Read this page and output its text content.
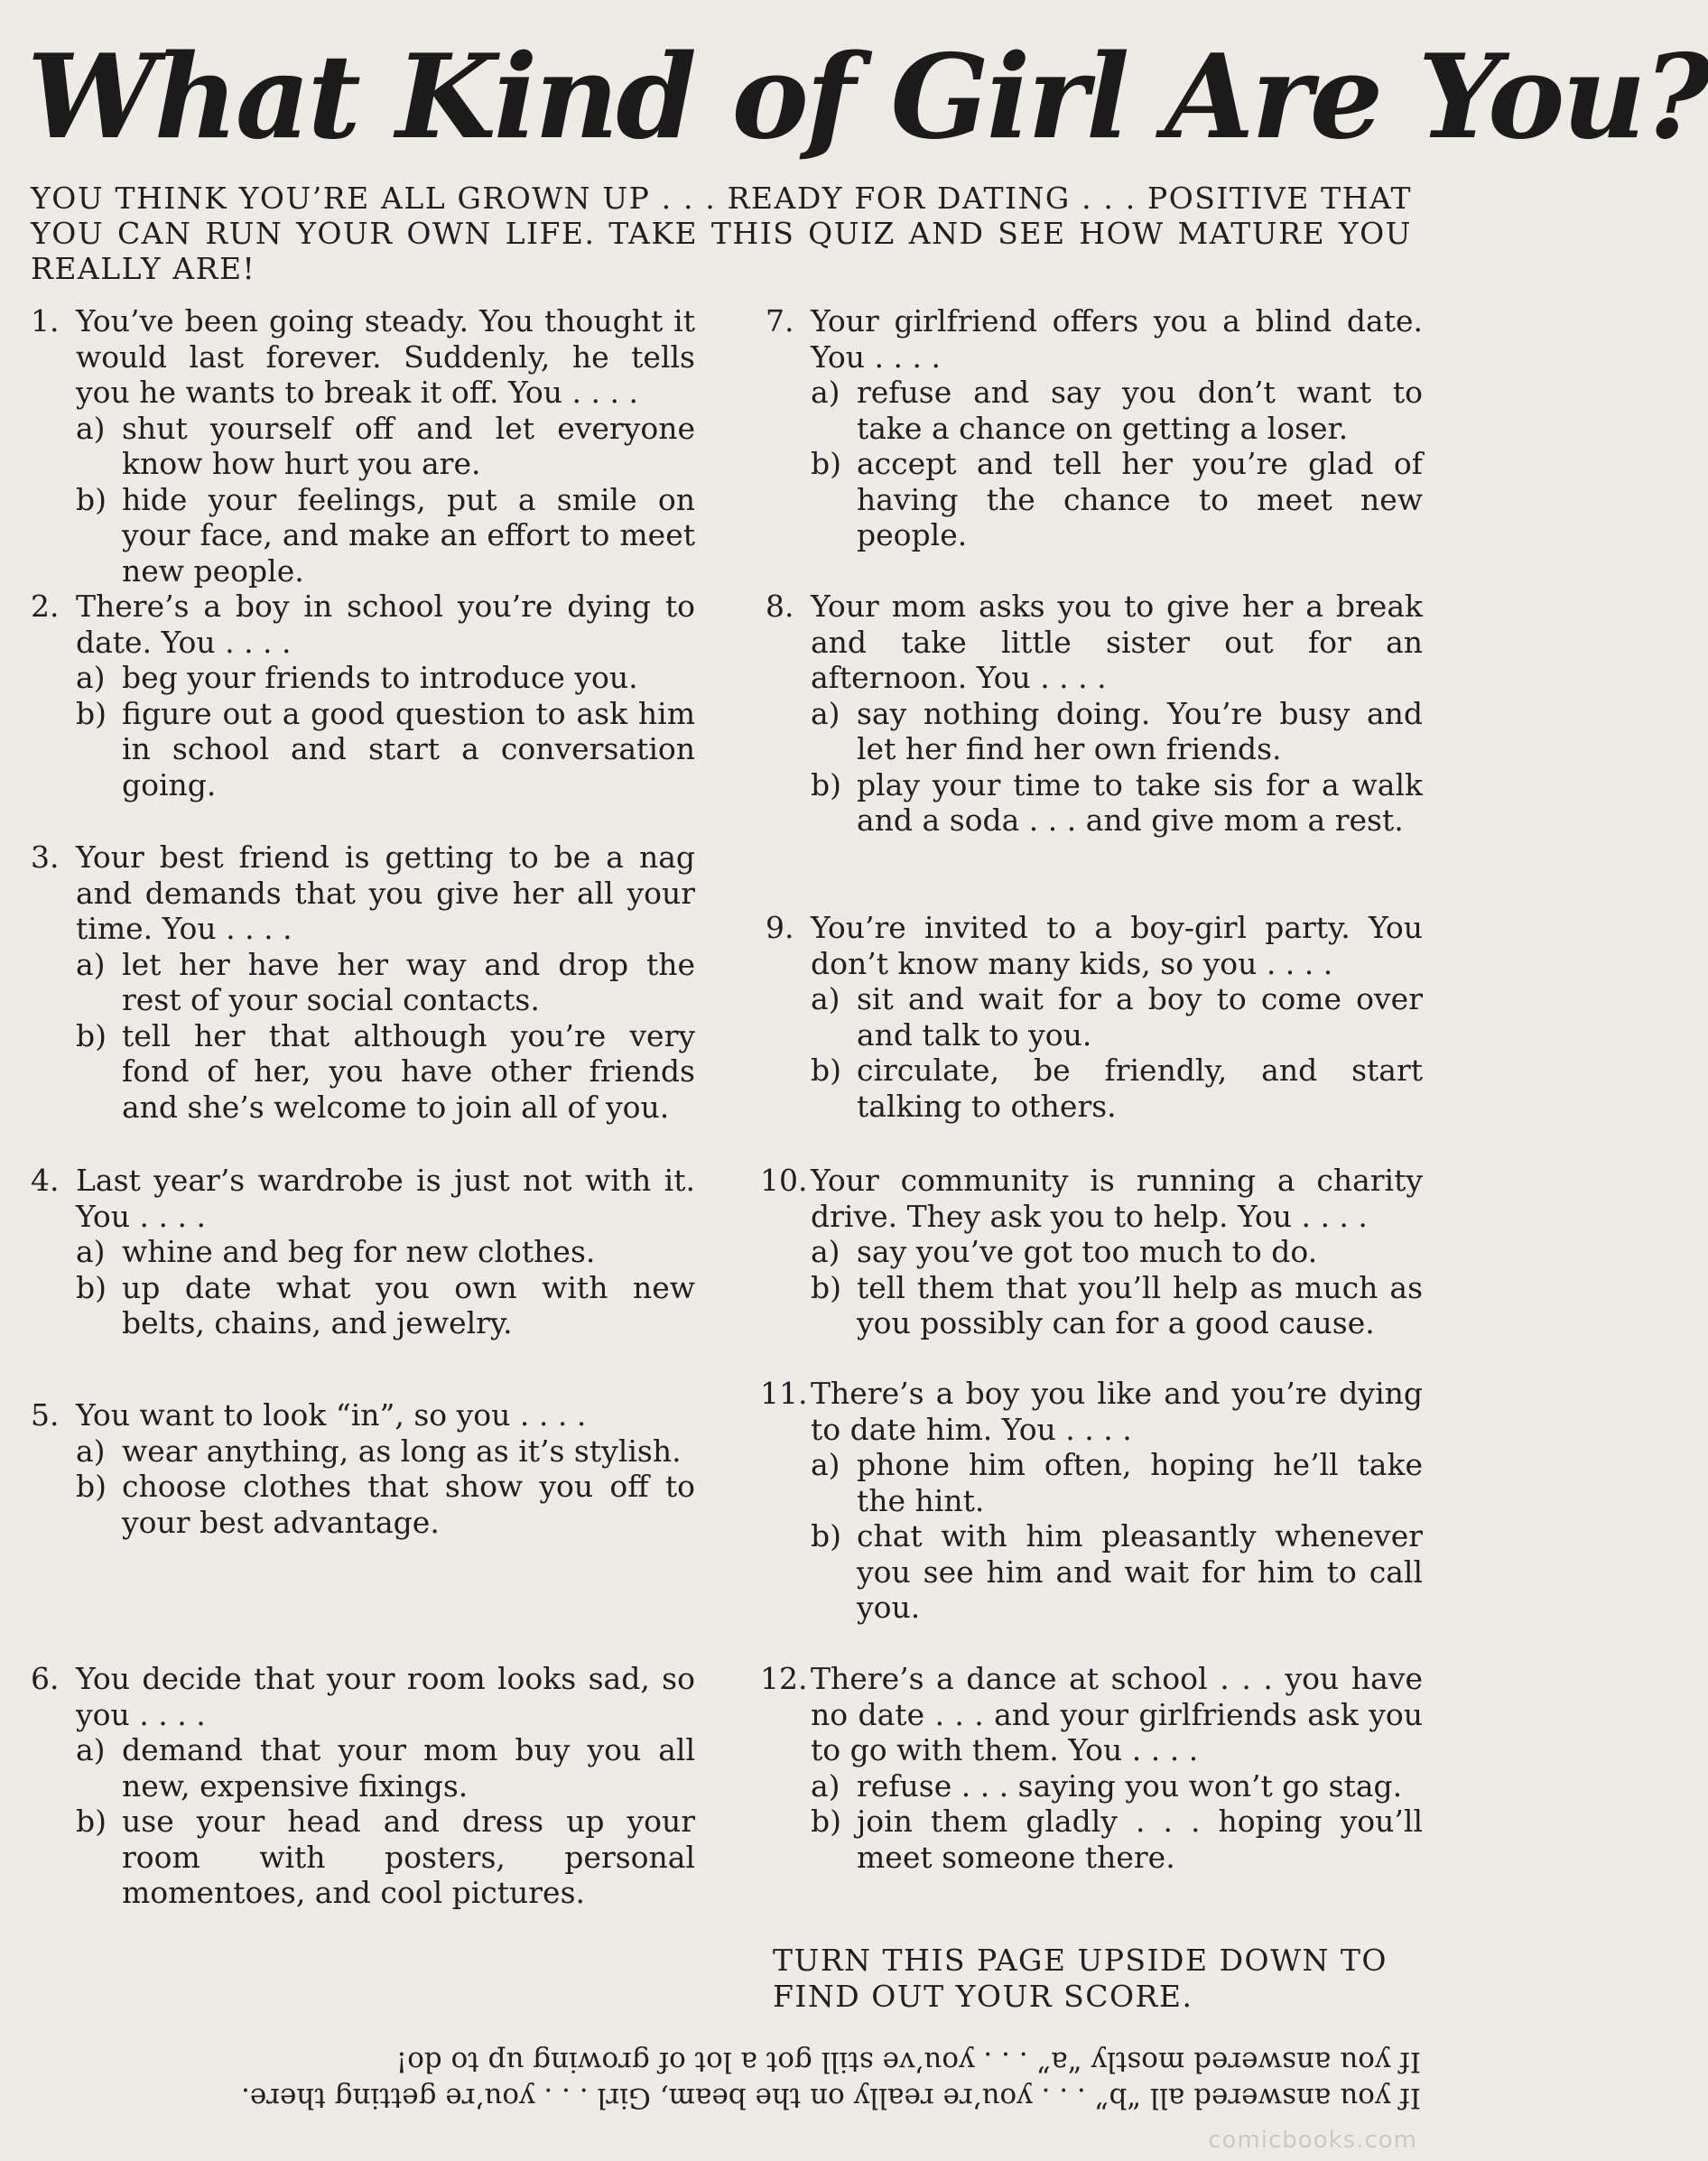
What Kind of Girl Are You?
YOU THINK YOU’RE ALL GROWN UP . . . READY FOR DATING . . . POSITIVE THAT YOU CAN RUN YOUR OWN LIFE. TAKE THIS QUIZ AND SEE HOW MATURE YOU REALLY ARE!
1. You’ve been going steady. You thought it would last forever. Suddenly, he tells you he wants to break it off. You . . . .
a) shut yourself off and let everyone know how hurt you are.
b) hide your feelings, put a smile on your face, and make an effort to meet new people.
2. There’s a boy in school you’re dying to date. You . . . .
a) beg your friends to introduce you.
b) figure out a good question to ask him in school and start a conversation going.
3. Your best friend is getting to be a nag and demands that you give her all your time. You . . . .
a) let her have her way and drop the rest of your social contacts.
b) tell her that although you’re very fond of her, you have other friends and she’s welcome to join all of you.
4. Last year’s wardrobe is just not with it. You . . . .
a) whine and beg for new clothes.
b) up date what you own with new belts, chains, and jewelry.
5. You want to look “in”, so you . . . .
a) wear anything, as long as it’s stylish.
b) choose clothes that show you off to your best advantage.
6. You decide that your room looks sad, so you . . . .
a) demand that your mom buy you all new, expensive fixings.
b) use your head and dress up your room with posters, personal momentoes, and cool pictures.
7. Your girlfriend offers you a blind date. You . . . .
a) refuse and say you don’t want to take a chance on getting a loser.
b) accept and tell her you’re glad of having the chance to meet new people.
8. Your mom asks you to give her a break and take little sister out for an afternoon. You . . . .
a) say nothing doing. You’re busy and let her find her own friends.
b) play your time to take sis for a walk and a soda . . . and give mom a rest.
9. You’re invited to a boy-girl party. You don’t know many kids, so you . . . .
a) sit and wait for a boy to come over and talk to you.
b) circulate, be friendly, and start talking to others.
10. Your community is running a charity drive. They ask you to help. You . . . .
a) say you’ve got too much to do.
b) tell them that you’ll help as much as you possibly can for a good cause.
11. There’s a boy you like and you’re dying to date him. You . . . .
a) phone him often, hoping he’ll take the hint.
b) chat with him pleasantly whenever you see him and wait for him to call you.
12. There’s a dance at school . . . you have no date . . . and your girlfriends ask you to go with them. You . . . .
a) refuse . . . saying you won’t go stag.
b) join them gladly . . . hoping you’ll meet someone there.
TURN THIS PAGE UPSIDE DOWN TO FIND OUT YOUR SCORE.
If you answered all “b” . . . you’re really on the beam, Girl . . . you’re getting there.
If you answered mostly “a” . . . you’ve still got a lot of growing up to do!
comicbooks.com
